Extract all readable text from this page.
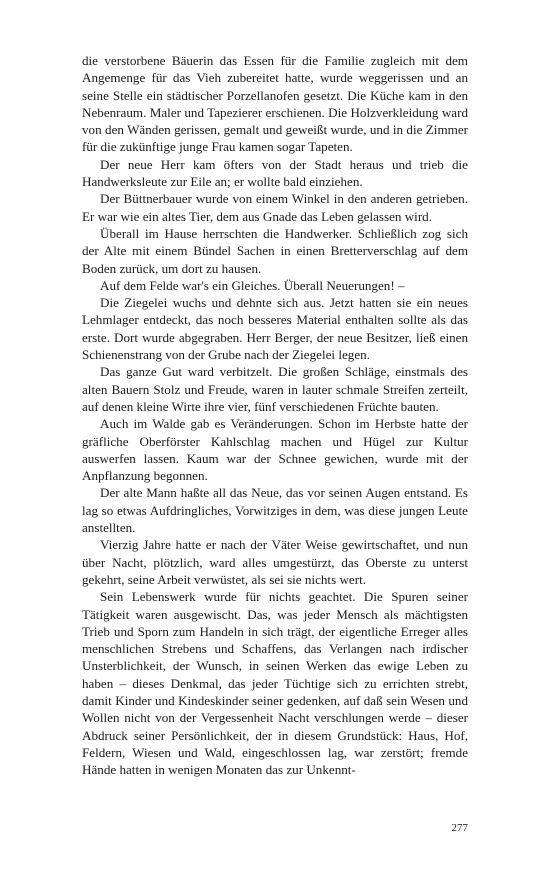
die verstorbene Bäuerin das Essen für die Familie zugleich mit dem Angemenge für das Vieh zubereitet hatte, wurde weggerissen und an seine Stelle ein städtischer Porzellanofen gesetzt. Die Küche kam in den Nebenraum. Maler und Tapezierer erschienen. Die Holzverkleidung ward von den Wänden gerissen, gemalt und geweißt wurde, und in die Zimmer für die zukünftige junge Frau kamen sogar Tapeten.

Der neue Herr kam öfters von der Stadt heraus und trieb die Handwerksleute zur Eile an; er wollte bald einziehen.

Der Büttnerbauer wurde von einem Winkel in den anderen getrieben. Er war wie ein altes Tier, dem aus Gnade das Leben gelassen wird.

Überall im Hause herrschten die Handwerker. Schließlich zog sich der Alte mit einem Bündel Sachen in einen Bretterverschlag auf dem Boden zurück, um dort zu hausen.

Auf dem Felde war's ein Gleiches. Überall Neuerungen! –

Die Ziegelei wuchs und dehnte sich aus. Jetzt hatten sie ein neues Lehmlager entdeckt, das noch besseres Material enthalten sollte als das erste. Dort wurde abgegraben. Herr Berger, der neue Besitzer, ließ einen Schienenstrang von der Grube nach der Ziegelei legen.

Das ganze Gut ward verbitzelt. Die großen Schläge, einstmals des alten Bauern Stolz und Freude, waren in lauter schmale Streifen zerteilt, auf denen kleine Wirte ihre vier, fünf verschiedenen Früchte bauten.

Auch im Walde gab es Veränderungen. Schon im Herbste hatte der gräfliche Oberförster Kahlschlag machen und Hügel zur Kultur auswerfen lassen. Kaum war der Schnee gewichen, wurde mit der Anpflanzung begonnen.

Der alte Mann haßte all das Neue, das vor seinen Augen entstand. Es lag so etwas Aufdringliches, Vorwitziges in dem, was diese jungen Leute anstellten.

Vierzig Jahre hatte er nach der Väter Weise gewirtschaftet, und nun über Nacht, plötzlich, ward alles umgestürzt, das Oberste zu unterst gekehrt, seine Arbeit verwüstet, als sei sie nichts wert.

Sein Lebenswerk wurde für nichts geachtet. Die Spuren seiner Tätigkeit waren ausgewischt. Das, was jeder Mensch als mächtigsten Trieb und Sporn zum Handeln in sich trägt, der eigentliche Erreger alles menschlichen Strebens und Schaffens, das Verlangen nach irdischer Unsterblichkeit, der Wunsch, in seinen Werken das ewige Leben zu haben – dieses Denkmal, das jeder Tüchtige sich zu errichten strebt, damit Kinder und Kindeskinder seiner gedenken, auf daß sein Wesen und Wollen nicht von der Vergessenheit Nacht verschlungen werde – dieser Abdruck seiner Persönlichkeit, der in diesem Grundstück: Haus, Hof, Feldern, Wiesen und Wald, eingeschlossen lag, war zerstört; fremde Hände hatten in wenigen Monaten das zur Unkennt-

277
